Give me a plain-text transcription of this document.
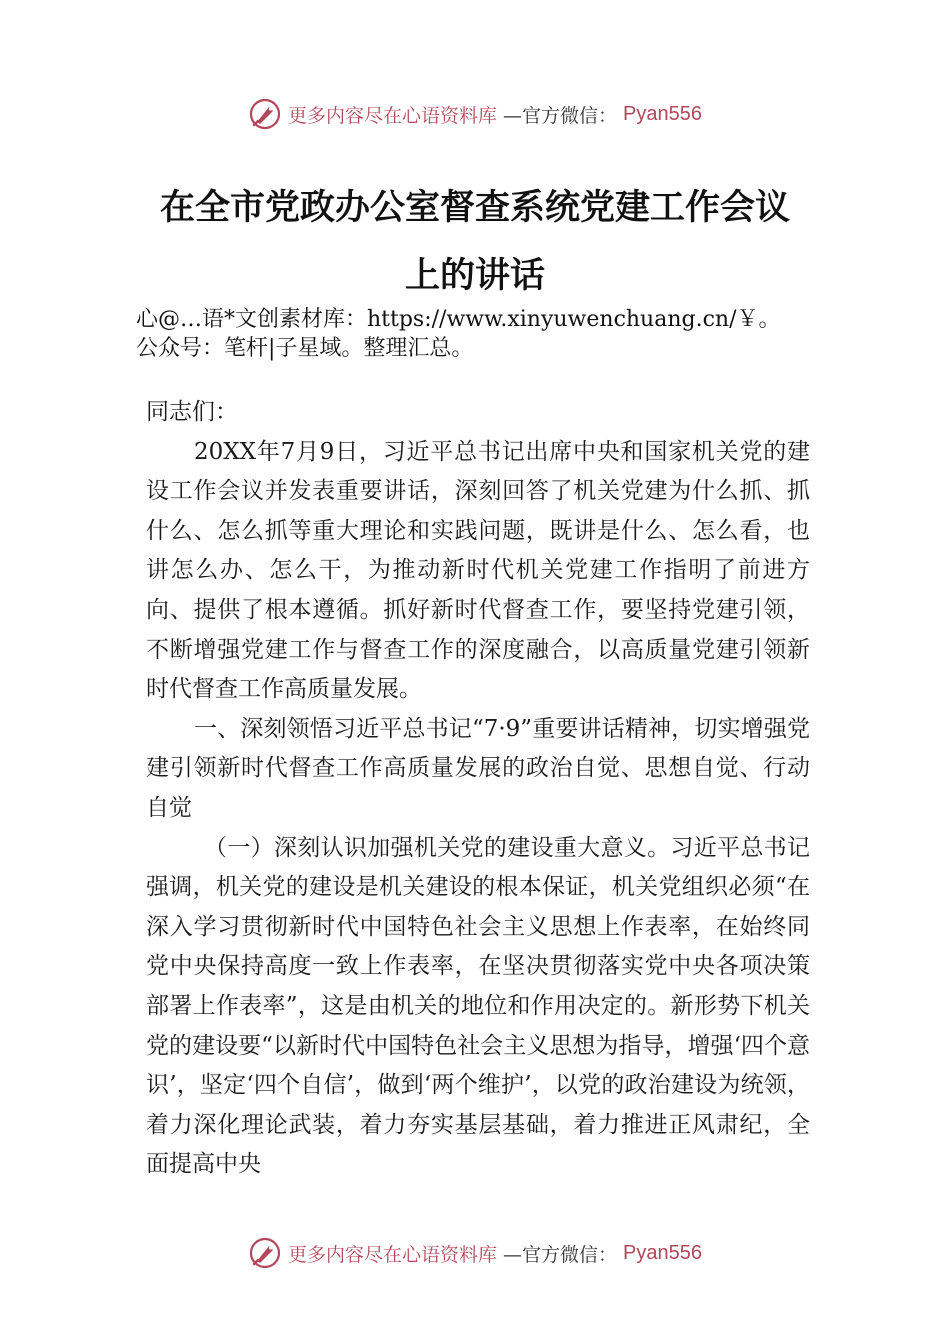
更多内容尽在心语资料库 —官方微信： Pyan556
在全市党政办公室督查系统党建工作会议
上的讲话
心@…语*文创素材库：https://www.xinyuwenchuang.cn/￥。
公众号：笔杆|子星域。整理汇总。

同志们：

20XX年7月9日，习近平总书记出席中央和国家机关党的建设工作会议并发表重要讲话，深刻回答了机关党建为什么抓、抓什么、怎么抓等重大理论和实践问题，既讲是什么、怎么看，也讲怎么办、怎么干，为推动新时代机关党建工作指明了前进方向、提供了根本遵循。抓好新时代督查工作，要坚持党建引领，不断增强党建工作与督查工作的深度融合，以高质量党建引领新时代督查工作高质量发展。

一、深刻领悟习近平总书记“7·9”重要讲话精神，切实增强党建引领新时代督查工作高质量发展的政治自觉、思想自觉、行动自觉

（一）深刻认识加强机关党的建设重大意义。习近平总书记强调，机关党的建设是机关建设的根本保证，机关党组织必须“在深入学习贯彻新时代中国特色社会主义思想上作表率，在始终同党中央保持高度一致上作表率，在坚决贯彻落实党中央各项决策部署上作表率”，这是由机关的地位和作用决定的。新形势下机关党的建设要“以新时代中国特色社会主义思想为指导，增强‘四个意识’，坚定‘四个自信’，做到‘两个维护’，以党的政治建设为统领，着力深化理论武装，着力夯实基层基础，着力推进正风肃纪，全面提高中央

更多内容尽在心语资料库 —官方微信： Pyan556
